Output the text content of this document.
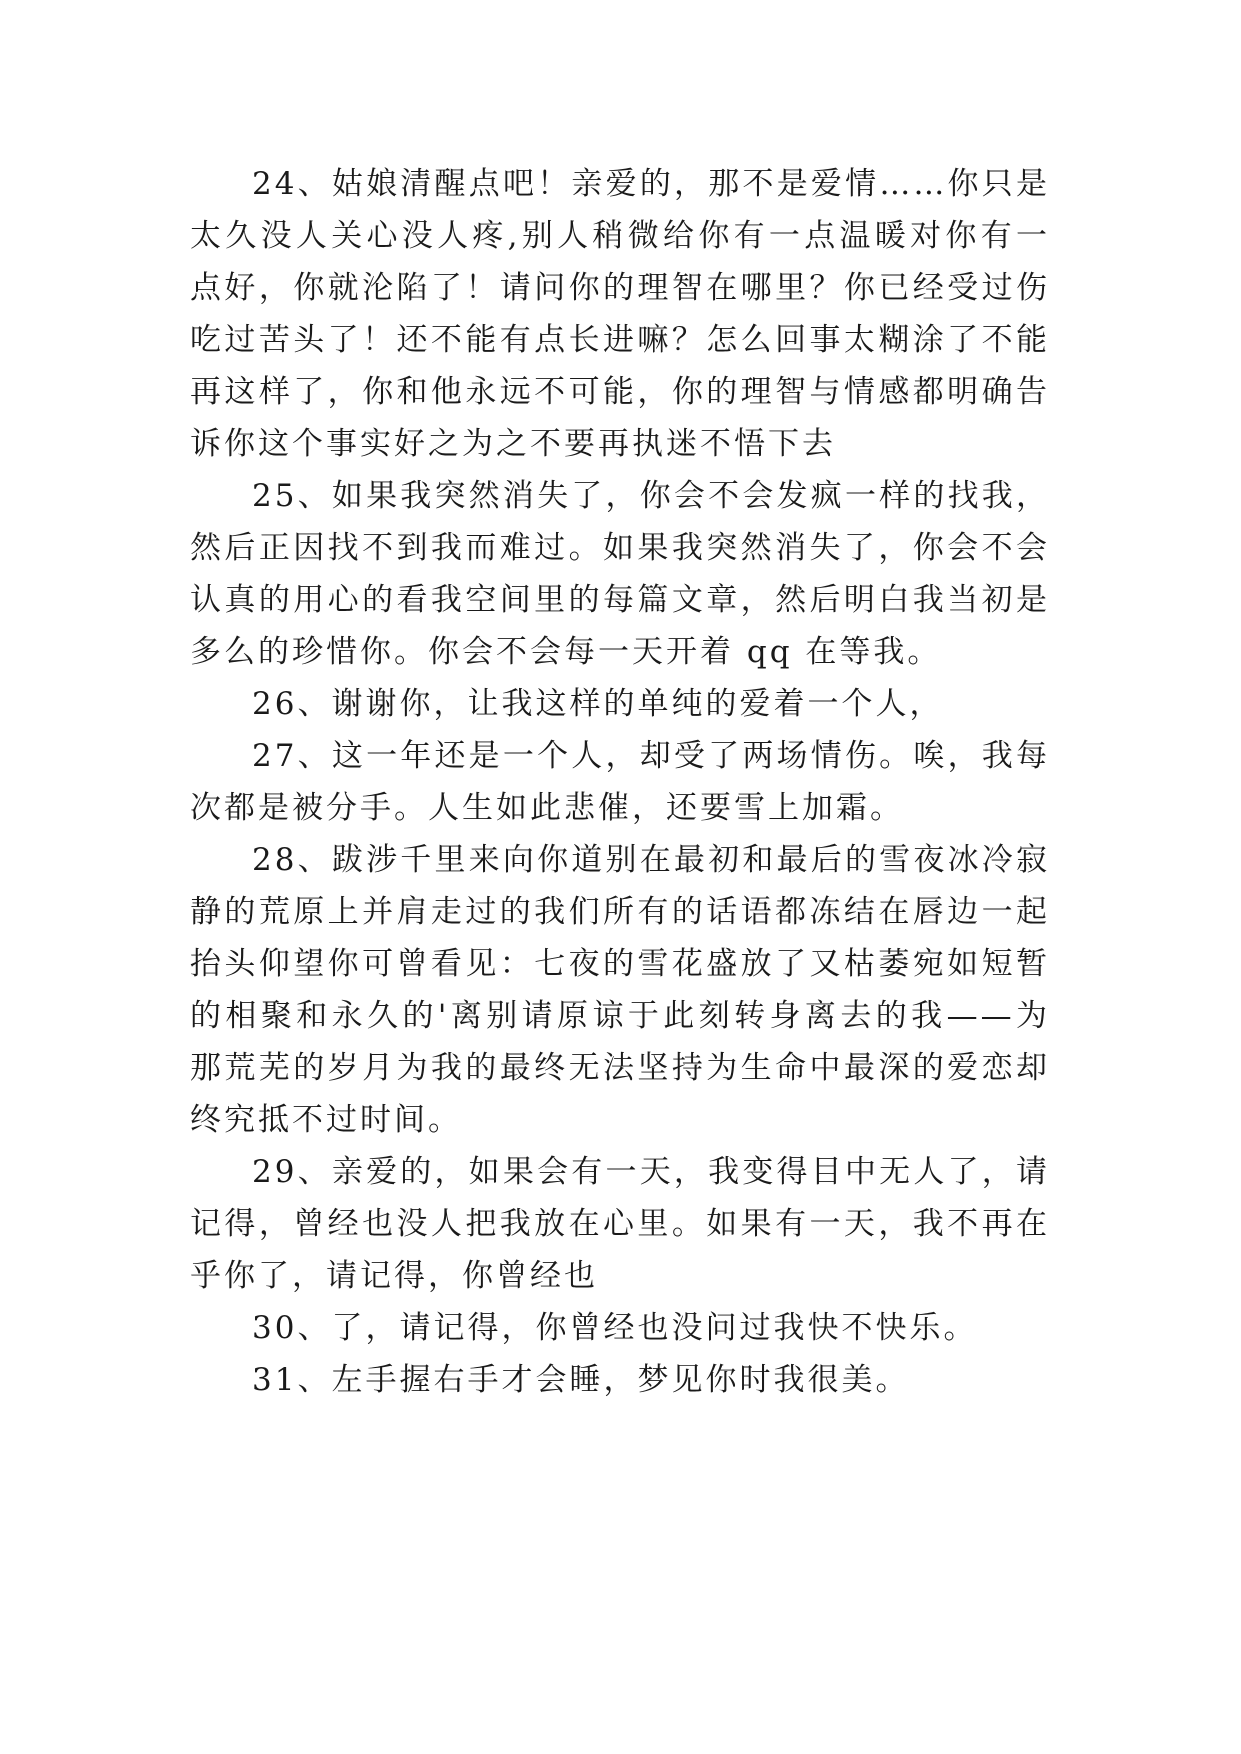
24、姑娘清醒点吧！亲爱的，那不是爱情……你只是太久没人关心没人疼,别人稍微给你有一点温暖对你有一点好，你就沦陷了！请问你的理智在哪里？你已经受过伤吃过苦头了！还不能有点长进嘛？怎么回事太糊涂了不能再这样了，你和他永远不可能，你的理智与情感都明确告诉你这个事实好之为之不要再执迷不悟下去

25、如果我突然消失了，你会不会发疯一样的找我，然后正因找不到我而难过。如果我突然消失了，你会不会认真的用心的看我空间里的每篇文章，然后明白我当初是多么的珍惜你。你会不会每一天开着 qq 在等我。

26、谢谢你，让我这样的单纯的爱着一个人，

27、这一年还是一个人，却受了两场情伤。唉，我每次都是被分手。人生如此悲催，还要雪上加霜。

28、跋涉千里来向你道别在最初和最后的雪夜冰冷寂静的荒原上并肩走过的我们所有的话语都冻结在唇边一起抬头仰望你可曾看见：七夜的雪花盛放了又枯萎宛如短暂的相聚和永久的'离别请原谅于此刻转身离去的我——为那荒芜的岁月为我的最终无法坚持为生命中最深的爱恋却终究抵不过时间。

29、亲爱的，如果会有一天，我变得目中无人了，请记得，曾经也没人把我放在心里。如果有一天，我不再在乎你了，请记得，你曾经也

30、了，请记得，你曾经也没问过我快不快乐。

31、左手握右手才会睡，梦见你时我很美。
